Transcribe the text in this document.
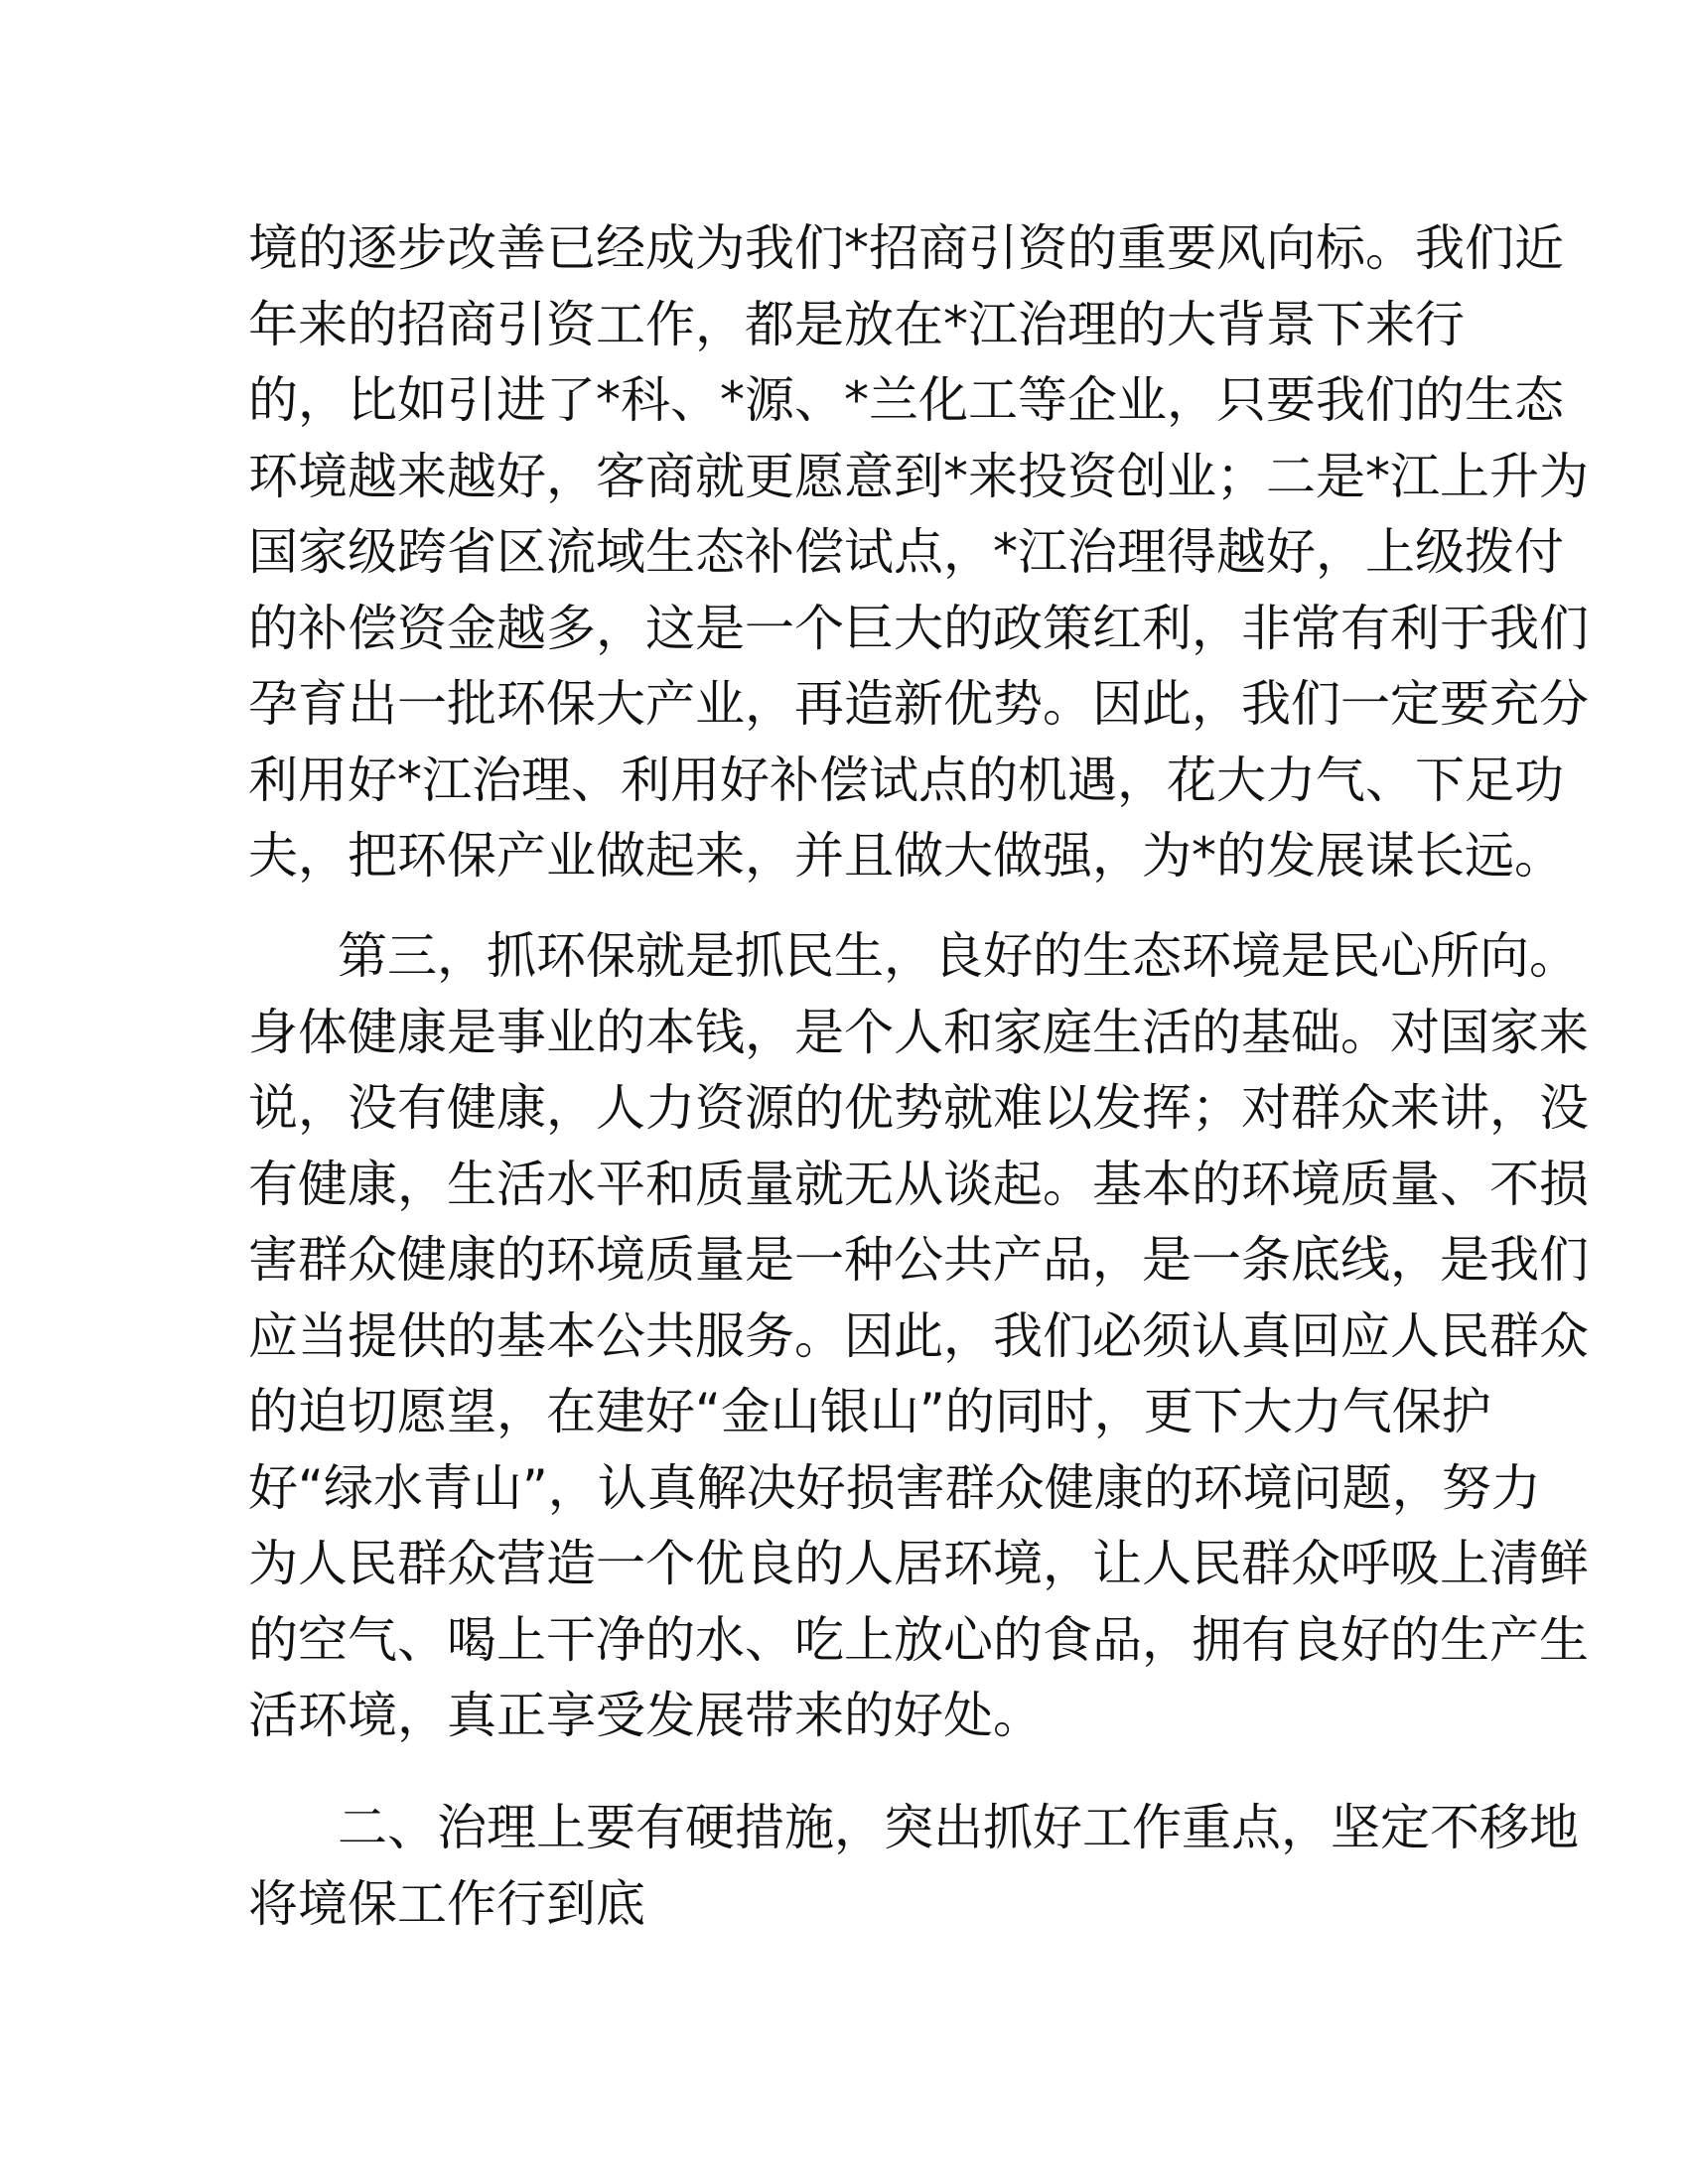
境的逐步改善已经成为我们*招商引资的重要风向标。我们近
年来的招商引资工作，都是放在*江治理的大背景下来行
的，比如引进了*科、*源、*兰化工等企业，只要我们的生态
环境越来越好，客商就更愿意到*来投资创业；二是*江上升为
国家级跨省区流域生态补偿试点，*江治理得越好，上级拨付
的补偿资金越多，这是一个巨大的政策红利，非常有利于我们
孕育出一批环保大产业，再造新优势。因此，我们一定要充分
利用好*江治理、利用好补偿试点的机遇，花大力气、下足功
夫，把环保产业做起来，并且做大做强，为*的发展谋长远。
第三，抓环保就是抓民生，良好的生态环境是民心所向。
身体健康是事业的本钱，是个人和家庭生活的基础。对国家来
说，没有健康，人力资源的优势就难以发挥；对群众来讲，没
有健康，生活水平和质量就无从谈起。基本的环境质量、不损
害群众健康的环境质量是一种公共产品，是一条底线，是我们
应当提供的基本公共服务。因此，我们必须认真回应人民群众
的迫切愿望，在建好“金山银山”的同时，更下大力气保护
好“绿水青山”，认真解决好损害群众健康的环境问题，努力
为人民群众营造一个优良的人居环境，让人民群众呼吸上清鲜
的空气、喝上干净的水、吃上放心的食品，拥有良好的生产生
活环境，真正享受发展带来的好处。
二、治理上要有硬措施，突出抓好工作重点，坚定不移地
将境保工作行到底
